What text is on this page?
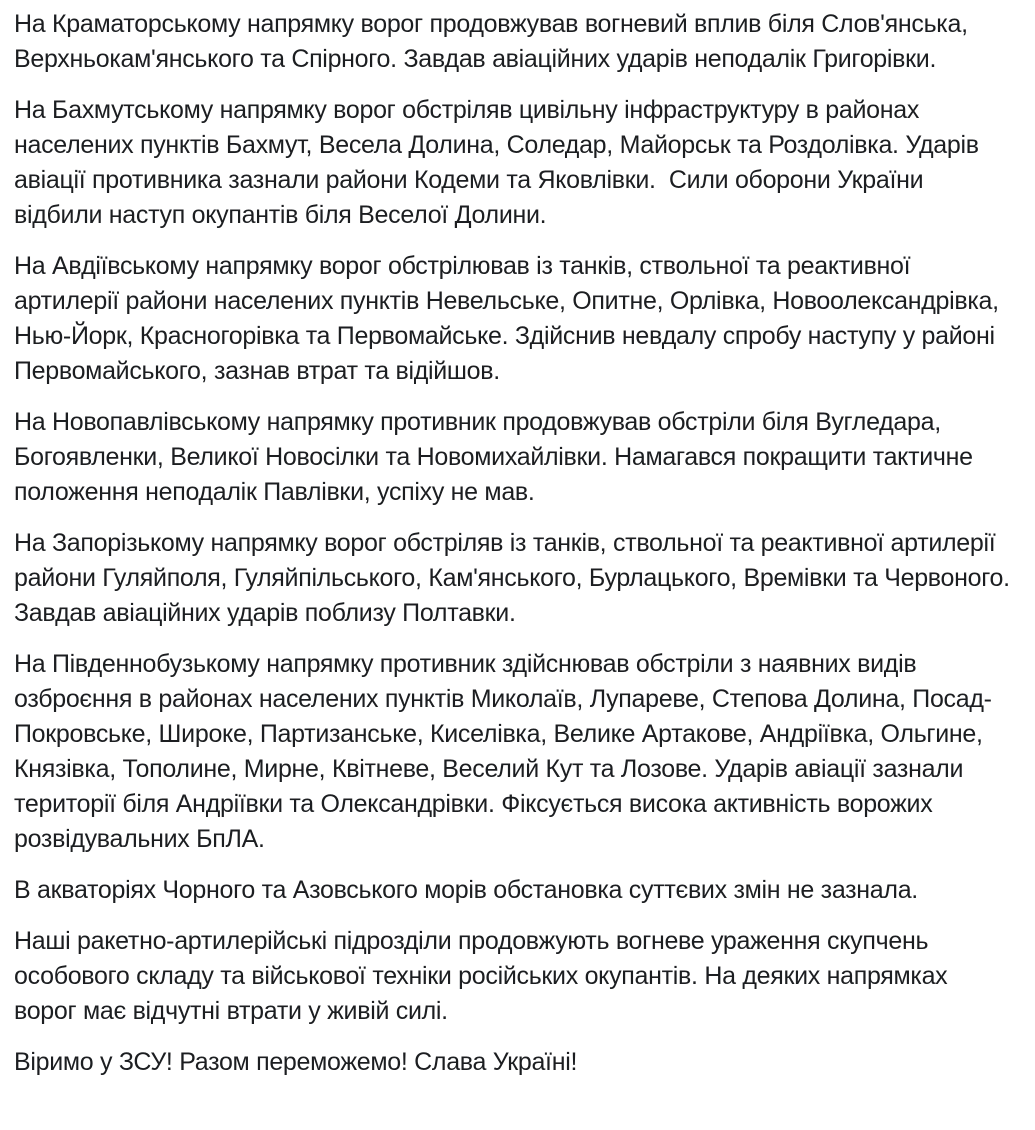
На Краматорському напрямку ворог продовжував вогневий вплив біля Слов'янська, Верхньокам'янського та Спірного. Завдав авіаційних ударів неподалік Григорівки.

На Бахмутському напрямку ворог обстріляв цивільну інфраструктуру в районах населених пунктів Бахмут, Весела Долина, Соледар, Майорськ та Роздолівка. Ударів авіації противника зазнали райони Кодеми та Яковлівки.  Сили оборони України відбили наступ окупантів біля Веселої Долини.

На Авдіївському напрямку ворог обстрілював із танків, ствольної та реактивної артилерії райони населених пунктів Невельське, Опитне, Орлівка, Новоолександрівка, Нью-Йорк, Красногорівка та Первомайське. Здійснив невдалу спробу наступу у районі Первомайського, зазнав втрат та відійшов.

На Новопавлівському напрямку противник продовжував обстріли біля Вугледара, Богоявленки, Великої Новосілки та Новомихайлівки. Намагався покращити тактичне положення неподалік Павлівки, успіху не мав.

На Запорізькому напрямку ворог обстріляв із танків, ствольної та реактивної артилерії райони Гуляйполя, Гуляйпільського, Кам'янського, Бурлацького, Времівки та Червоного. Завдав авіаційних ударів поблизу Полтавки.

На Південнобузькому напрямку противник здійснював обстріли з наявних видів озброєння в районах населених пунктів Миколаїв, Лупареве, Степова Долина, Посад-Покровське, Широке, Партизанське, Киселівка, Велике Артакове, Андріївка, Ольгине, Князівка, Тополине, Мирне, Квітневе, Веселий Кут та Лозове. Ударів авіації зазнали території біля Андріївки та Олександрівки. Фіксується висока активність ворожих розвідувальних БпЛА.

В акваторіях Чорного та Азовського морів обстановка суттєвих змін не зазнала.

Наші ракетно-артилерійські підрозділи продовжують вогневе ураження скупчень особового складу та військової техніки російських окупантів. На деяких напрямках ворог має відчутні втрати у живій силі.

Віримо у ЗСУ! Разом переможемо! Слава Україні!
